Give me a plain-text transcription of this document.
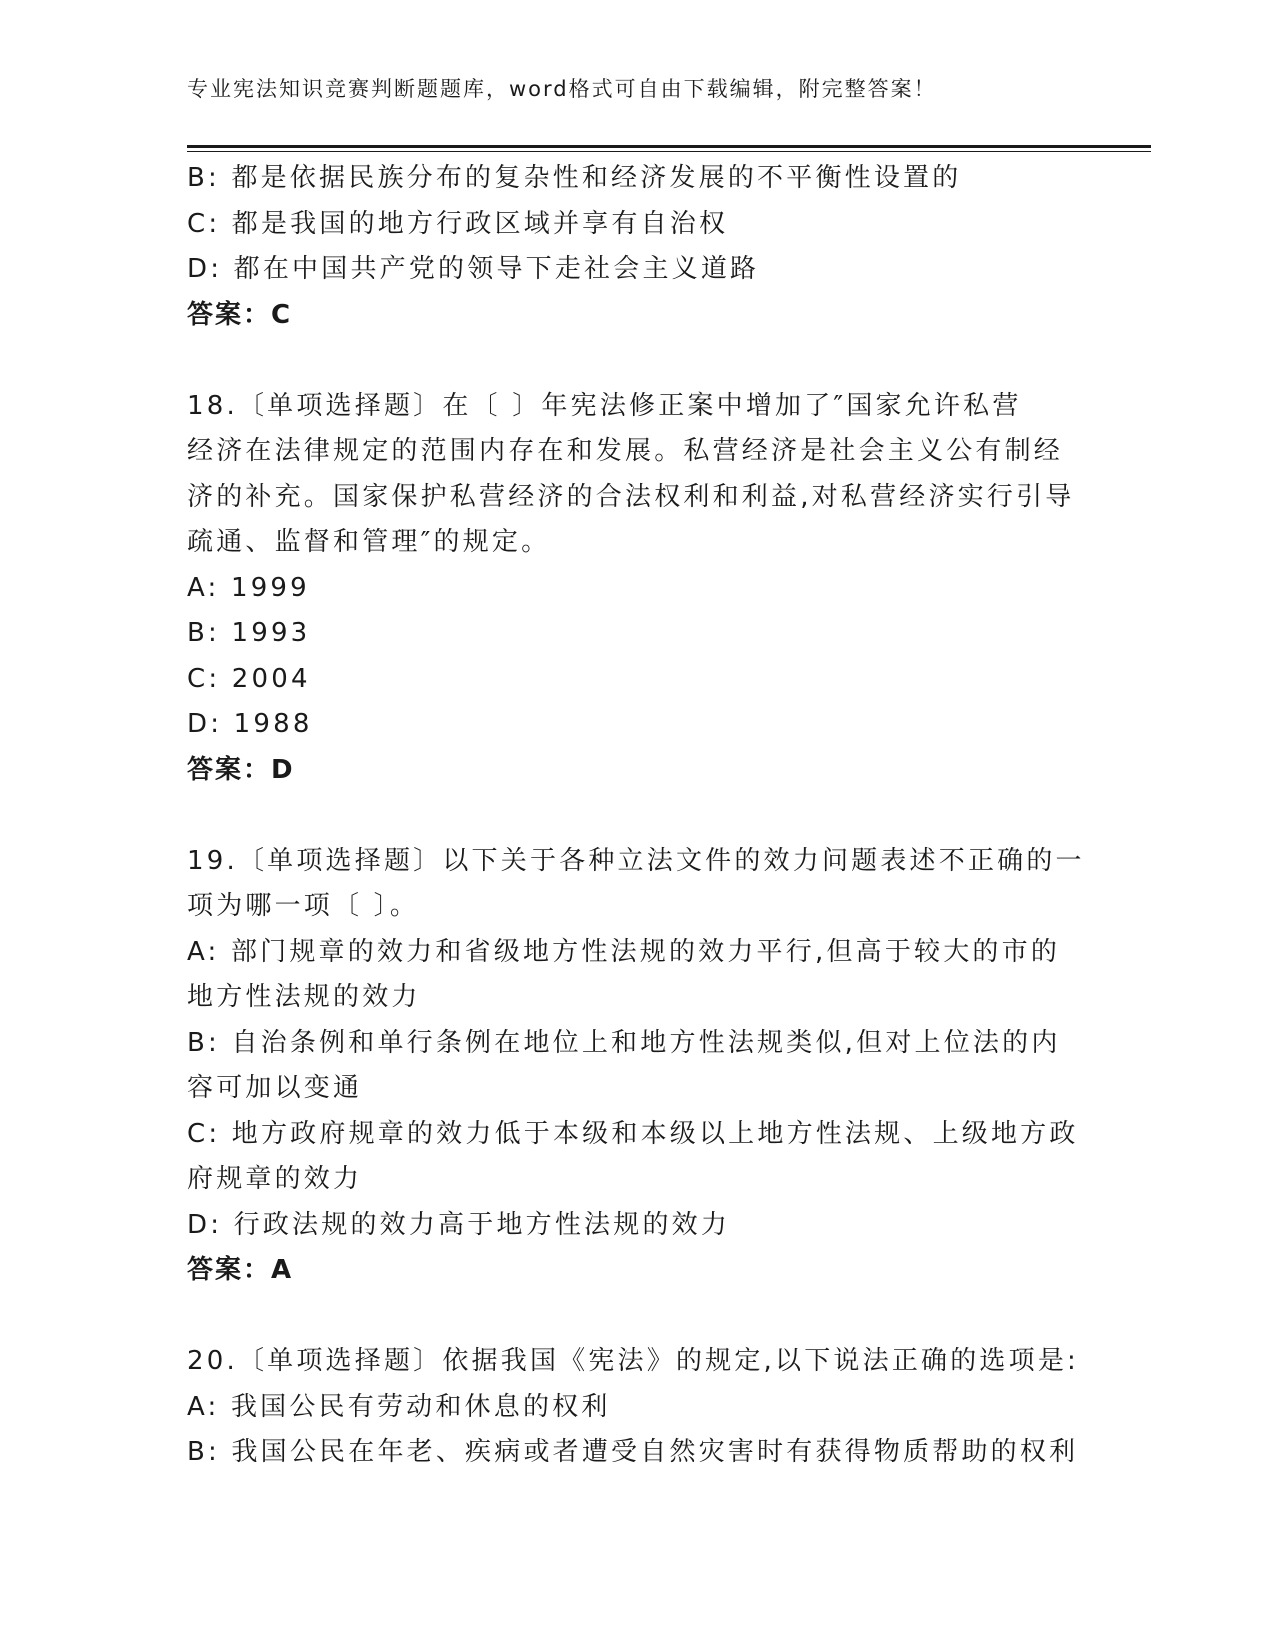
专业宪法知识竞赛判断题题库，word格式可自由下载编辑，附完整答案！

B: 都是依据民族分布的复杂性和经济发展的不平衡性设置的

C: 都是我国的地方行政区域并享有自治权

D: 都在中国共产党的领导下走社会主义道路

答案：C

18.〔单项选择题〕在〔 〕年宪法修正案中增加了″国家允许私营

经济在法律规定的范围内存在和发展。私营经济是社会主义公有制经

济的补充。国家保护私营经济的合法权利和利益,对私营经济实行引导

疏通、监督和管理″的规定。

A: 1999

B: 1993

C: 2004

D: 1988

答案：D

19.〔单项选择题〕以下关于各种立法文件的效力问题表述不正确的一

项为哪一项〔 〕。

A: 部门规章的效力和省级地方性法规的效力平行,但高于较大的市的

地方性法规的效力

B: 自治条例和单行条例在地位上和地方性法规类似,但对上位法的内

容可加以变通

C: 地方政府规章的效力低于本级和本级以上地方性法规、上级地方政

府规章的效力

D: 行政法规的效力高于地方性法规的效力

答案：A

20.〔单项选择题〕依据我国《宪法》的规定,以下说法正确的选项是:

A: 我国公民有劳动和休息的权利

B: 我国公民在年老、疾病或者遭受自然灾害时有获得物质帮助的权利
